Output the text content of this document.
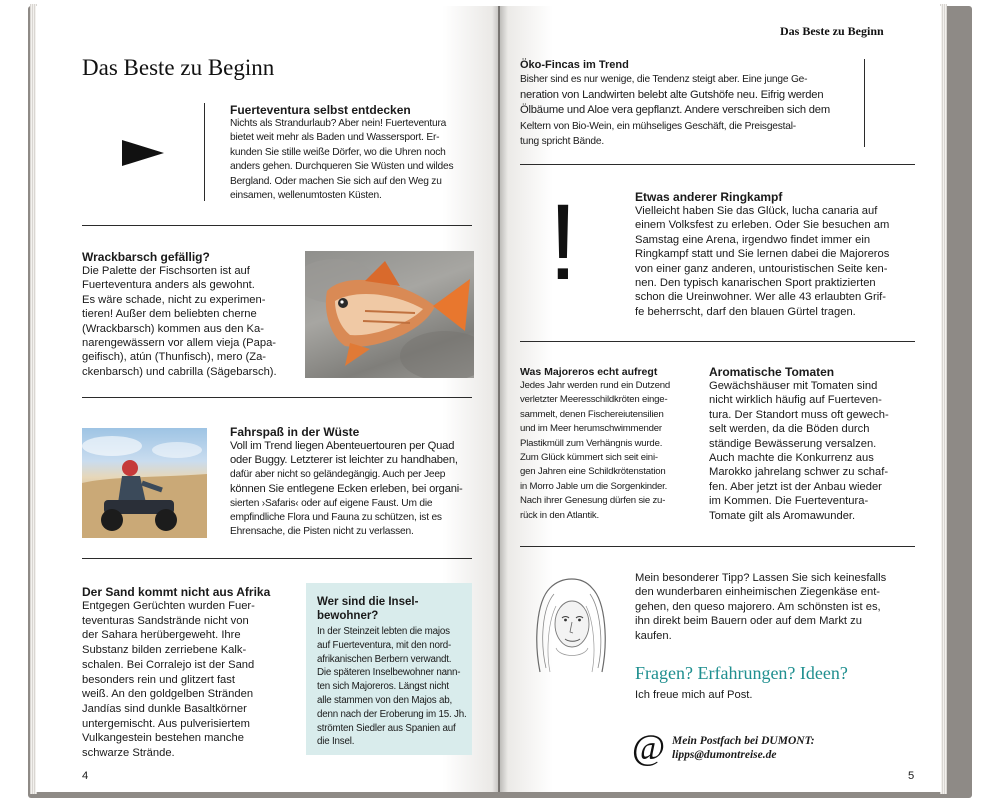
Das Beste zu Beginn
Fuerteventura selbst entdecken
Nichts als Strandurlaub? Aber nein! Fuerteventura
bietet weit mehr als Baden und Wassersport. Er-
kunden Sie stille weiße Dörfer, wo die Uhren noch
anders gehen. Durchqueren Sie Wüsten und wildes
Bergland. Oder machen Sie sich auf den Weg zu
einsamen, wellenumtosten Küsten.
Wrackbarsch gefällig?
Die Palette der Fischsorten ist auf
Fuerteventura anders als gewohnt.
Es wäre schade, nicht zu experimen-
tieren! Außer dem beliebten cherne
(Wrackbarsch) kommen aus den Ka-
narengewässern vor allem vieja (Papa-
geifisch), atún (Thunfisch), mero (Za-
ckenbarsch) und cabrilla (Sägebarsch).
Fahrspaß in der Wüste
Voll im Trend liegen Abenteuertouren per Quad
oder Buggy. Letzterer ist leichter zu handhaben,
dafür aber nicht so geländegängig. Auch per Jeep
können Sie entlegene Ecken erleben, bei organi-
sierten ›Safaris‹ oder auf eigene Faust. Um die
empfindliche Flora und Fauna zu schützen, ist es
Ehrensache, die Pisten nicht zu verlassen.
Der Sand kommt nicht aus Afrika
Entgegen Gerüchten wurden Fuer-
teventuras Sandstrände nicht von
der Sahara herübergeweht. Ihre
Substanz bilden zerriebene Kalk-
schalen. Bei Corralejo ist der Sand
besonders rein und glitzert fast
weiß. An den goldgelben Stränden
Jandías sind dunkle Basaltkörner
untergemischt. Aus pulverisiertem
Vulkangestein bestehen manche
schwarze Strände.
Wer sind die Insel-
bewohner?
In der Steinzeit lebten die majos
auf Fuerteventura, mit den nord-
afrikanischen Berbern verwandt.
Die späteren Inselbewohner nann-
ten sich Majoreros. Längst nicht
alle stammen von den Majos ab,
denn nach der Eroberung im 15. Jh.
strömten Siedler aus Spanien auf
die Insel.
4
Das Beste zu Beginn
Öko-Fincas im Trend
Bisher sind es nur wenige, die Tendenz steigt aber. Eine junge Ge-
neration von Landwirten belebt alte Gutshöfe neu. Eifrig werden
Ölbäume und Aloe vera gepflanzt. Andere verschreiben sich dem
Keltern von Bio-Wein, ein mühseliges Geschäft, die Preisgestal-
tung spricht Bände.
!	Etwas anderer Ringkampf
Vielleicht haben Sie das Glück, lucha canaria auf
einem Volksfest zu erleben. Oder Sie besuchen am
Samstag eine Arena, irgendwo findet immer ein
Ringkampf statt und Sie lernen dabei die Majoreros
von einer ganz anderen, untouristischen Seite ken-
nen. Den typisch kanarischen Sport praktizierten
schon die Ureinwohner. Wer alle 43 erlaubten Grif-
fe beherrscht, darf den blauen Gürtel tragen.
Was Majoreros echt aufregt
Jedes Jahr werden rund ein Dutzend
verletzter Meeresschildkröten einge-
sammelt, denen Fischereiutensilien
und im Meer herumschwimmender
Plastikmüll zum Verhängnis wurde.
Zum Glück kümmert sich seit eini-
gen Jahren eine Schildkrötenstation
in Morro Jable um die Sorgenkinder.
Nach ihrer Genesung dürfen sie zu-
rück in den Atlantik.
Aromatische Tomaten
Gewächshäuser mit Tomaten sind
nicht wirklich häufig auf Fuerteven-
tura. Der Standort muss oft gewech-
selt werden, da die Böden durch
ständige Bewässerung versalzen.
Auch machte die Konkurrenz aus
Marokko jahrelang schwer zu schaf-
fen. Aber jetzt ist der Anbau wieder
im Kommen. Die Fuerteventura-
Tomate gilt als Aromawunder.
Mein besonderer Tipp? Lassen Sie sich keinesfalls
den wunderbaren einheimischen Ziegenkäse ent-
gehen, den queso majorero. Am schönsten ist es,
ihn direkt beim Bauern oder auf dem Markt zu
kaufen.
Fragen? Erfahrungen? Ideen?
Ich freue mich auf Post.
@ Mein Postfach bei DUMONT:
lipps@dumontreise.de
5
